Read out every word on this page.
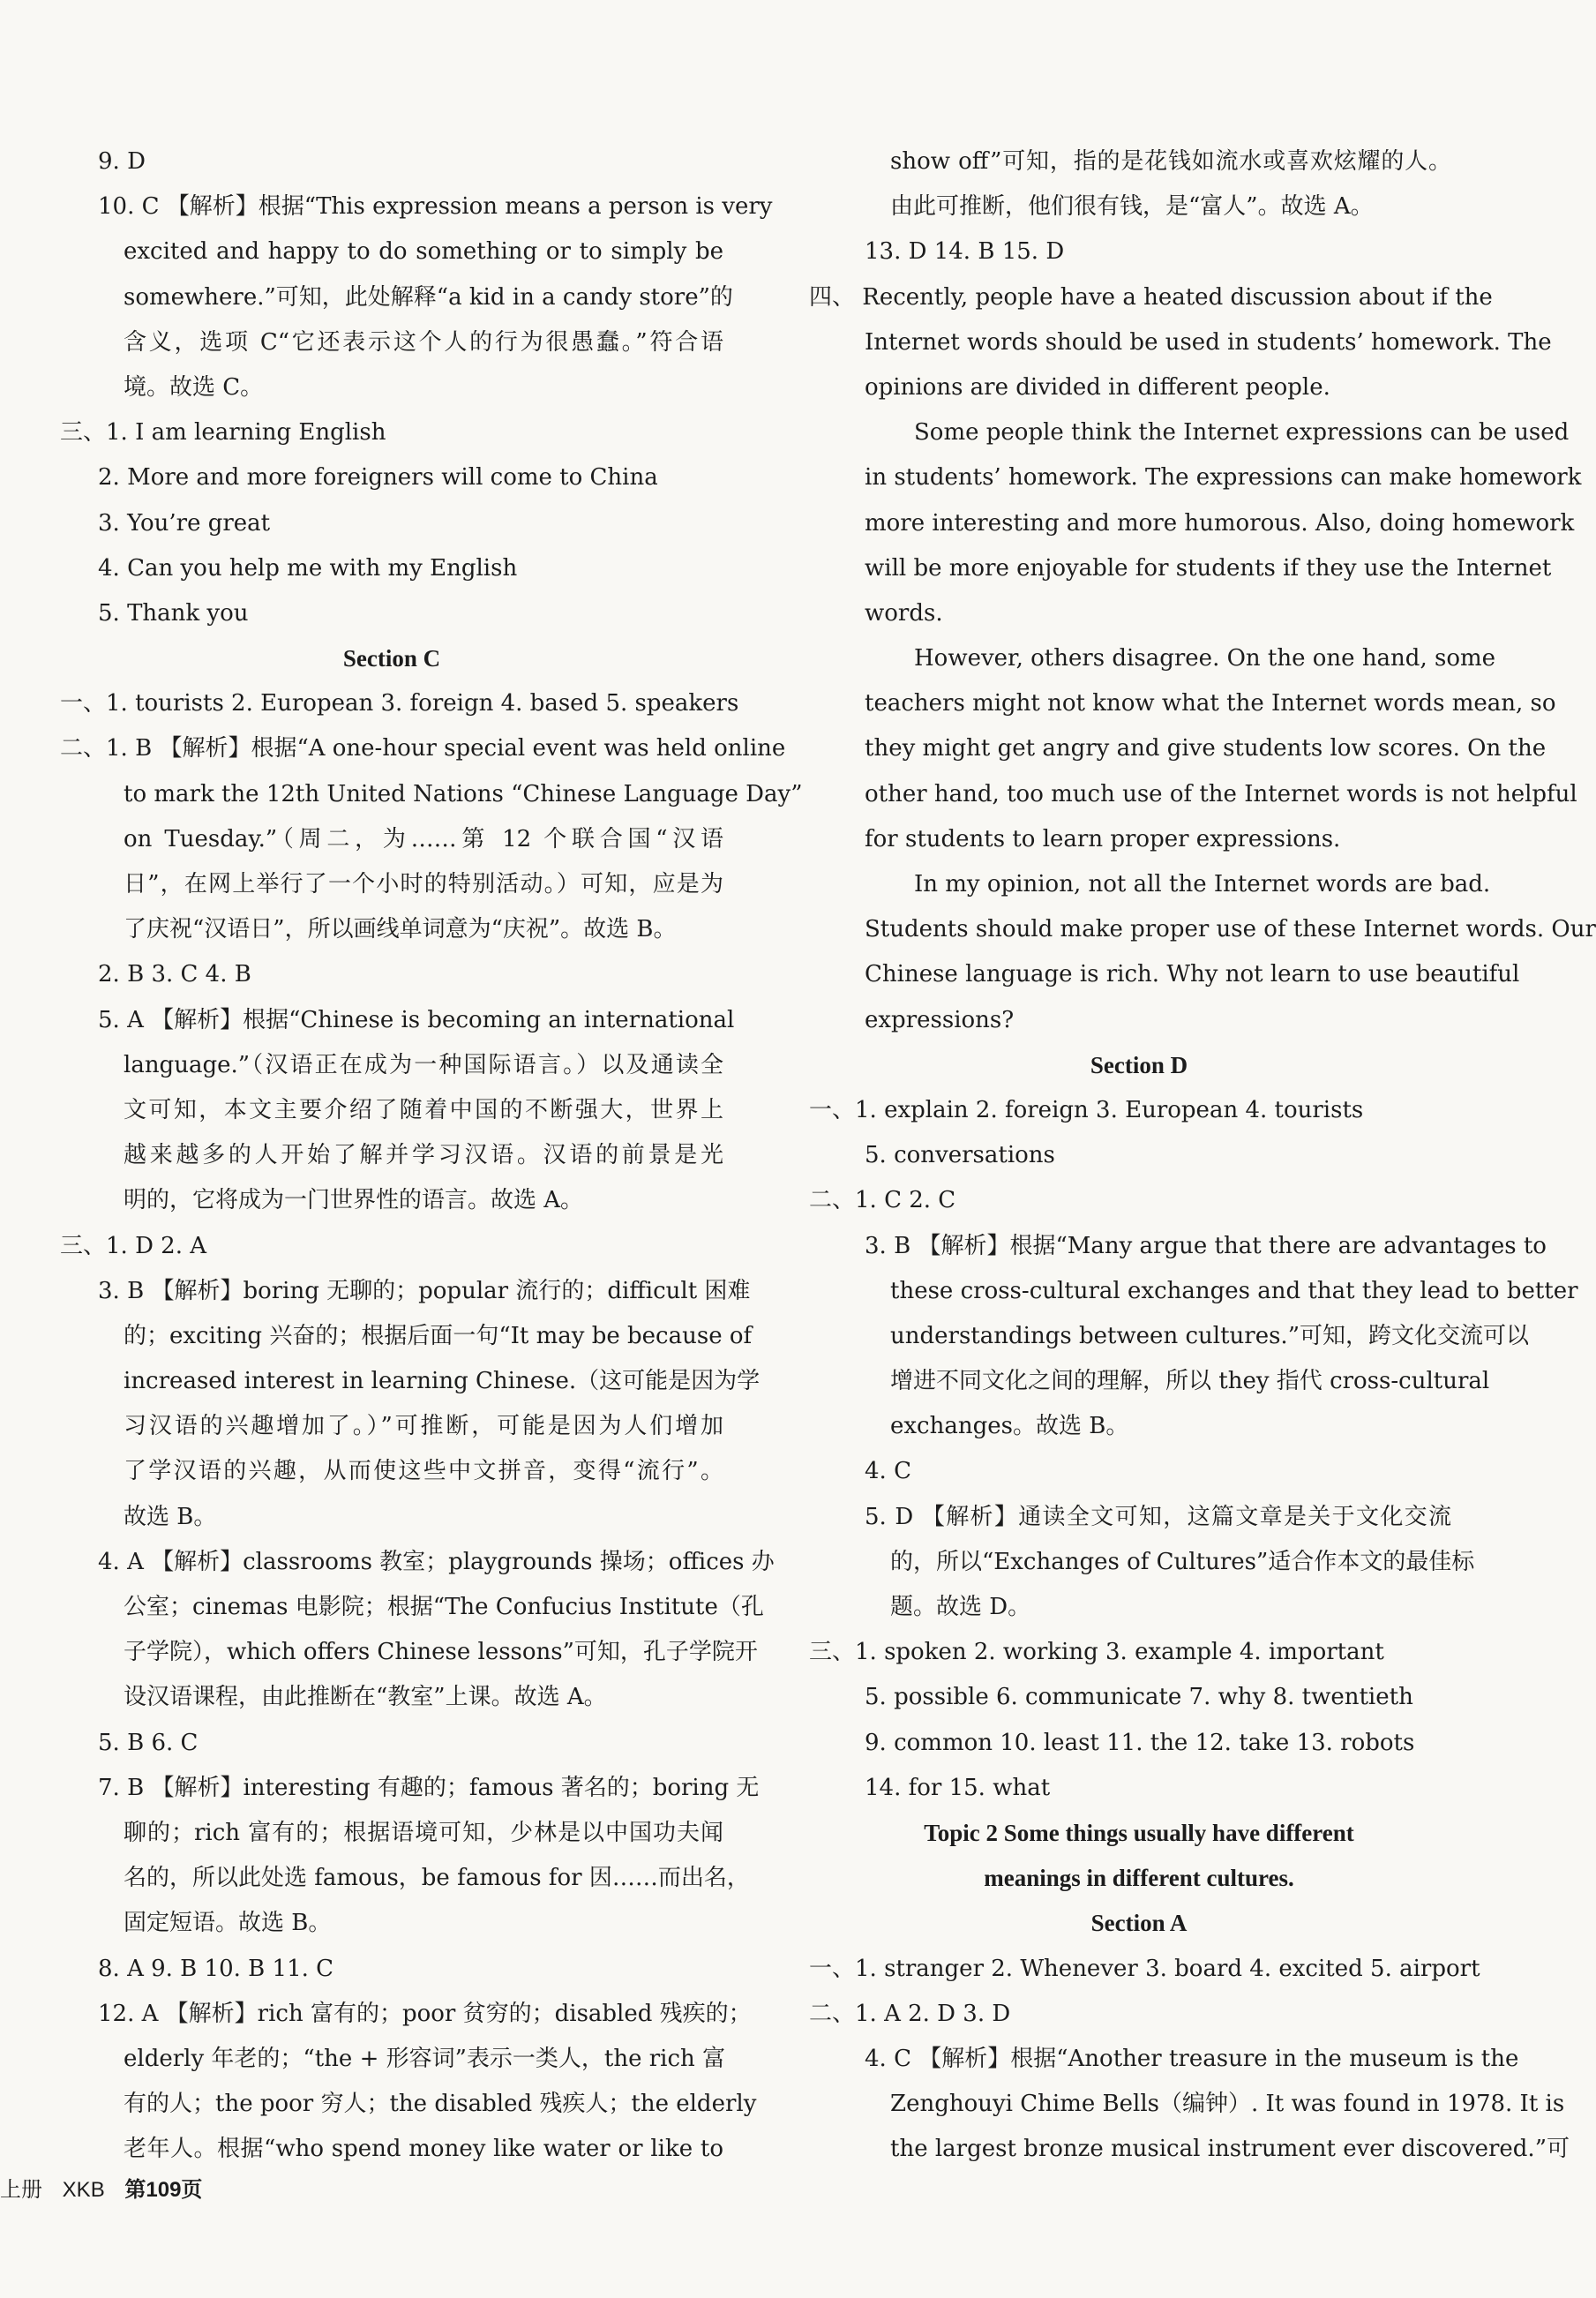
9. D
10. C 【解析】根据“This expression means a person is very
excited and happy to do something or to simply be
somewhere.”可知，此处解释“a kid in a candy store”的
含义，选项 C“它还表示这个人的行为很愚蠢。”符合语
境。故选 C。
三、1. I am learning English
2. More and more foreigners will come to China
3. You’re great
4. Can you help me with my English
5. Thank you
Section C
一、1. tourists 2. European 3. foreign 4. based 5. speakers
二、1. B 【解析】根据“A one-hour special event was held online
to mark the 12th United Nations “Chinese Language Day”
on Tuesday.”（周二，为……第 12 个联合国“汉语
日”，在网上举行了一个小时的特别活动。）可知，应是为
了庆祝“汉语日”，所以画线单词意为“庆祝”。故选 B。
2. B 3. C 4. B
5. A 【解析】根据“Chinese is becoming an international
language.”（汉语正在成为一种国际语言。）以及通读全
文可知，本文主要介绍了随着中国的不断强大，世界上
越来越多的人开始了解并学习汉语。汉语的前景是光
明的，它将成为一门世界性的语言。故选 A。
三、1. D 2. A
3. B 【解析】boring 无聊的；popular 流行的；difficult 困难
的；exciting 兴奋的；根据后面一句“It may be because of
increased interest in learning Chinese.（这可能是因为学
习汉语的兴趣增加了。）”可推断，可能是因为人们增加
了学汉语的兴趣，从而使这些中文拼音，变得“流行”。
故选 B。
4. A 【解析】classrooms 教室；playgrounds 操场；offices 办
公室；cinemas 电影院；根据“The Confucius Institute（孔
子学院），which offers Chinese lessons”可知，孔子学院开
设汉语课程，由此推断在“教室”上课。故选 A。
5. B 6. C
7. B 【解析】interesting 有趣的；famous 著名的；boring 无
聊的；rich 富有的；根据语境可知，少林是以中国功夫闻
名的，所以此处选 famous，be famous for 因……而出名，
固定短语。故选 B。
8. A 9. B 10. B 11. C
12. A 【解析】rich 富有的；poor 贫穷的；disabled 残疾的；
elderly 年老的；“the + 形容词”表示一类人，the rich 富
有的人；the poor 穷人；the disabled 残疾人；the elderly
老年人。根据“who spend money like water or like to
show off”可知，指的是花钱如流水或喜欢炫耀的人。
由此可推断，他们很有钱，是“富人”。故选 A。
13. D 14. B 15. D
四、 Recently, people have a heated discussion about if the
Internet words should be used in students’ homework. The
opinions are divided in different people.
Some people think the Internet expressions can be used
in students’ homework. The expressions can make homework
more interesting and more humorous. Also, doing homework
will be more enjoyable for students if they use the Internet
words.
However, others disagree. On the one hand, some
teachers might not know what the Internet words mean, so
they might get angry and give students low scores. On the
other hand, too much use of the Internet words is not helpful
for students to learn proper expressions.
In my opinion, not all the Internet words are bad.
Students should make proper use of these Internet words. Our
Chinese language is rich. Why not learn to use beautiful
expressions?
Section D
一、1. explain 2. foreign 3. European 4. tourists
5. conversations
二、1. C 2. C
3. B 【解析】根据“Many argue that there are advantages to
these cross-cultural exchanges and that they lead to better
understandings between cultures.”可知，跨文化交流可以
增进不同文化之间的理解，所以 they 指代 cross-cultural
exchanges。故选 B。
4. C
5. D 【解析】通读全文可知，这篇文章是关于文化交流
的，所以“Exchanges of Cultures”适合作本文的最佳标
题。故选 D。
三、1. spoken 2. working 3. example 4. important
5. possible 6. communicate 7. why 8. twentieth
9. common 10. least 11. the 12. take 13. robots
14. for 15. what
Topic 2 Some things usually have different
meanings in different cultures.
Section A
一、1. stranger 2. Whenever 3. board 4. excited 5. airport
二、1. A 2. D 3. D
4. C 【解析】根据“Another treasure in the museum is the
Zenghouyi Chime Bells（编钟）. It was found in 1978. It is
the largest bronze musical instrument ever discovered.”可
上册 XKB 第109页
